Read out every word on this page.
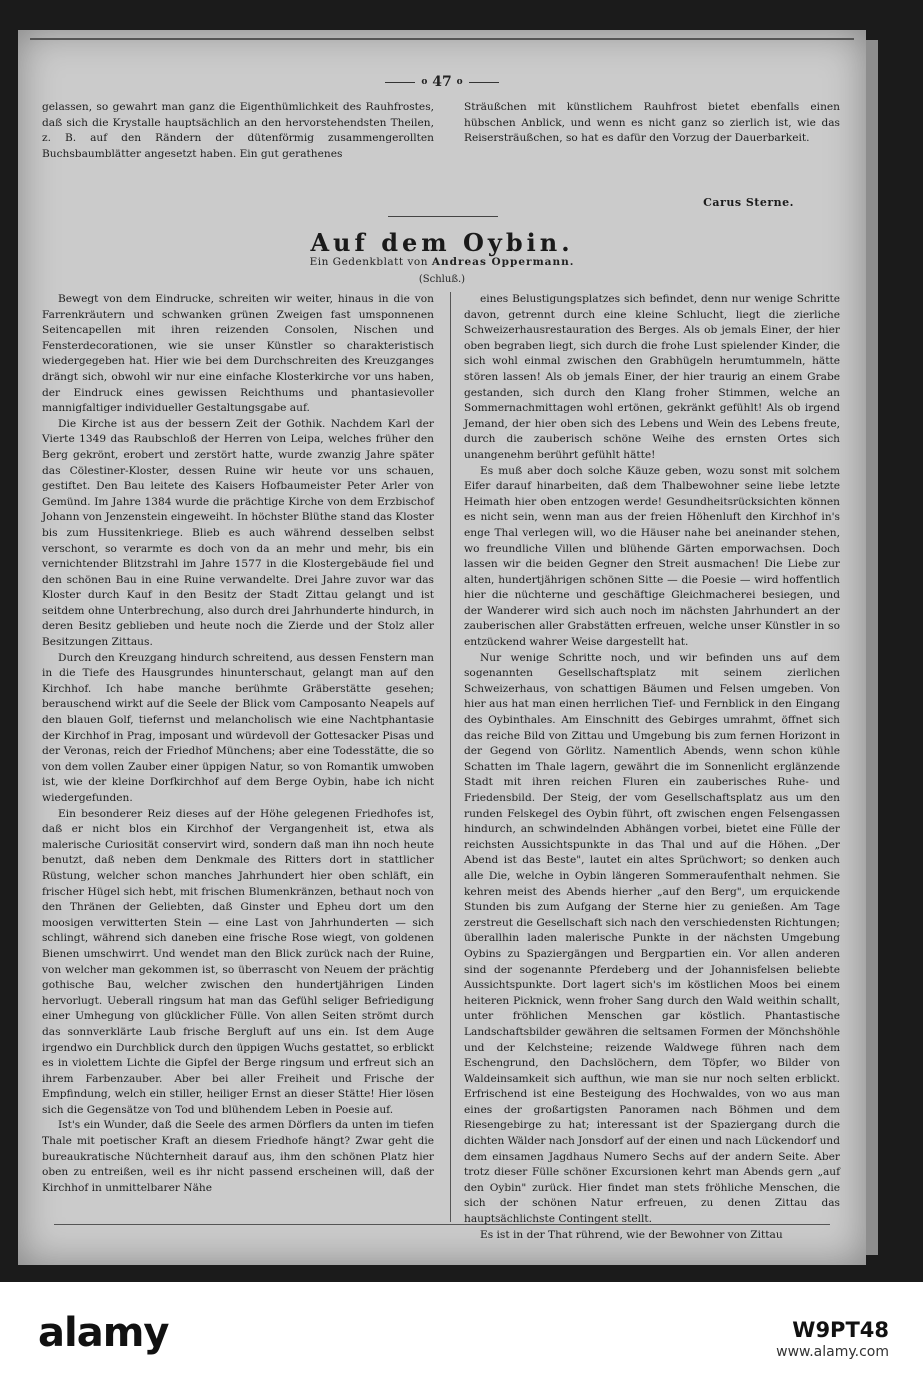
o 47 o

gelassen, so gewahrt man ganz die Eigenthümlichkeit des Rauhfrostes, daß sich die Krystalle hauptsächlich an den hervorstehendsten Theilen, z. B. auf den Rändern der dütenförmig zusammengerollten Buchsbaumblätter angesetzt haben. Ein gut gerathenes

Sträußchen mit künstlichem Rauhfrost bietet ebenfalls einen hübschen Anblick, und wenn es nicht ganz so zierlich ist, wie das Reisersträußchen, so hat es dafür den Vorzug der Dauerbarkeit.

Carus Sterne.
Auf dem Oybin.
Ein Gedenkblatt von Andreas Oppermann.
(Schluß.)

Bewegt von dem Eindrucke, schreiten wir weiter, hinaus in die von Farrenkräutern und schwanken grünen Zweigen fast umsponnenen Seitencapellen mit ihren reizenden Consolen, Nischen und Fensterdecorationen, wie sie unser Künstler so charakteristisch wiedergegeben hat. Hier wie bei dem Durchschreiten des Kreuzganges drängt sich, obwohl wir nur eine einfache Klosterkirche vor uns haben, der Eindruck eines gewissen Reichthums und phantasievoller mannigfaltiger individueller Gestaltungsgabe auf.

Die Kirche ist aus der bessern Zeit der Gothik. Nachdem Karl der Vierte 1349 das Raubschloß der Herren von Leipa, welches früher den Berg gekrönt, erobert und zerstört hatte, wurde zwanzig Jahre später das Cölestiner-Kloster, dessen Ruine wir heute vor uns schauen, gestiftet. Den Bau leitete des Kaisers Hofbaumeister Peter Arler von Gemünd. Im Jahre 1384 wurde die prächtige Kirche von dem Erzbischof Johann von Jenzenstein eingeweiht. In höchster Blüthe stand das Kloster bis zum Hussitenkriege. Blieb es auch während desselben selbst verschont, so verarmte es doch von da an mehr und mehr, bis ein vernichtender Blitzstrahl im Jahre 1577 in die Klostergebäude fiel und den schönen Bau in eine Ruine verwandelte. Drei Jahre zuvor war das Kloster durch Kauf in den Besitz der Stadt Zittau gelangt und ist seitdem ohne Unterbrechung, also durch drei Jahrhunderte hindurch, in deren Besitz geblieben und heute noch die Zierde und der Stolz aller Besitzungen Zittaus.

Durch den Kreuzgang hindurch schreitend, aus dessen Fenstern man in die Tiefe des Hausgrundes hinunterschaut, gelangt man auf den Kirchhof. Ich habe manche berühmte Gräberstätte gesehen; berauschend wirkt auf die Seele der Blick vom Camposanto Neapels auf den blauen Golf, tiefernst und melancholisch wie eine Nachtphantasie der Kirchhof in Prag, imposant und würdevoll der Gottesacker Pisas und der Veronas, reich der Friedhof Münchens; aber eine Todesstätte, die so von dem vollen Zauber einer üppigen Natur, so von Romantik umwoben ist, wie der kleine Dorfkirchhof auf dem Berge Oybin, habe ich nicht wiedergefunden.

Ein besonderer Reiz dieses auf der Höhe gelegenen Friedhofes ist, daß er nicht blos ein Kirchhof der Vergangenheit ist, etwa als malerische Curiosität conservirt wird, sondern daß man ihn noch heute benutzt, daß neben dem Denkmale des Ritters dort in stattlicher Rüstung, welcher schon manches Jahrhundert hier oben schläft, ein frischer Hügel sich hebt, mit frischen Blumenkränzen, bethaut noch von den Thränen der Geliebten, daß Ginster und Epheu dort um den moosigen verwitterten Stein — eine Last von Jahrhunderten — sich schlingt, während sich daneben eine frische Rose wiegt, von goldenen Bienen umschwirrt. Und wendet man den Blick zurück nach der Ruine, von welcher man gekommen ist, so überrascht von Neuem der prächtig gothische Bau, welcher zwischen den hundertjährigen Linden hervorlugt. Ueberall ringsum hat man das Gefühl seliger Befriedigung einer Umhegung von glücklicher Fülle. Von allen Seiten strömt durch das sonnverklärte Laub frische Bergluft auf uns ein. Ist dem Auge irgendwo ein Durchblick durch den üppigen Wuchs gestattet, so erblickt es in violettem Lichte die Gipfel der Berge ringsum und erfreut sich an ihrem Farbenzauber. Aber bei aller Freiheit und Frische der Empfindung, welch ein stiller, heiliger Ernst an dieser Stätte! Hier lösen sich die Gegensätze von Tod und blühendem Leben in Poesie auf.

Ist's ein Wunder, daß die Seele des armen Dörflers da unten im tiefen Thale mit poetischer Kraft an diesem Friedhofe hängt? Zwar geht die bureaukratische Nüchternheit darauf aus, ihm den schönen Platz hier oben zu entreißen, weil es ihr nicht passend erscheinen will, daß der Kirchhof in unmittelbarer Nähe

eines Belustigungsplatzes sich befindet, denn nur wenige Schritte davon, getrennt durch eine kleine Schlucht, liegt die zierliche Schweizerhausrestauration des Berges. Als ob jemals Einer, der hier oben begraben liegt, sich durch die frohe Lust spielender Kinder, die sich wohl einmal zwischen den Grabhügeln herumtummeln, hätte stören lassen! Als ob jemals Einer, der hier traurig an einem Grabe gestanden, sich durch den Klang froher Stimmen, welche an Sommernachmittagen wohl ertönen, gekränkt gefühlt! Als ob irgend Jemand, der hier oben sich des Lebens und Wein des Lebens freute, durch die zauberisch schöne Weihe des ernsten Ortes sich unangenehm berührt gefühlt hätte!

Es muß aber doch solche Käuze geben, wozu sonst mit solchem Eifer darauf hinarbeiten, daß dem Thalbewohner seine liebe letzte Heimath hier oben entzogen werde! Gesundheitsrücksichten können es nicht sein, wenn man aus der freien Höhenluft den Kirchhof in's enge Thal verlegen will, wo die Häuser nahe bei aneinander stehen, wo freundliche Villen und blühende Gärten emporwachsen. Doch lassen wir die beiden Gegner den Streit ausmachen! Die Liebe zur alten, hundertjährigen schönen Sitte — die Poesie — wird hoffentlich hier die nüchterne und geschäftige Gleichmacherei besiegen, und der Wanderer wird sich auch noch im nächsten Jahrhundert an der zauberischen aller Grabstätten erfreuen, welche unser Künstler in so entzückend wahrer Weise dargestellt hat.

Nur wenige Schritte noch, und wir befinden uns auf dem sogenannten Gesellschaftsplatz mit seinem zierlichen Schweizerhaus, von schattigen Bäumen und Felsen umgeben. Von hier aus hat man einen herrlichen Tief- und Fernblick in den Eingang des Oybinthales. Am Einschnitt des Gebirges umrahmt, öffnet sich das reiche Bild von Zittau und Umgebung bis zum fernen Horizont in der Gegend von Görlitz. Namentlich Abends, wenn schon kühle Schatten im Thale lagern, gewährt die im Sonnenlicht erglänzende Stadt mit ihren reichen Fluren ein zauberisches Ruhe- und Friedensbild. Der Steig, der vom Gesellschaftsplatz aus um den runden Felskegel des Oybin führt, oft zwischen engen Felsengassen hindurch, an schwindelnden Abhängen vorbei, bietet eine Fülle der reichsten Aussichtspunkte in das Thal und auf die Höhen. „Der Abend ist das Beste", lautet ein altes Sprüchwort; so denken auch alle Die, welche in Oybin längeren Sommeraufenthalt nehmen. Sie kehren meist des Abends hierher „auf den Berg", um erquickende Stunden bis zum Aufgang der Sterne hier zu genießen. Am Tage zerstreut die Gesellschaft sich nach den verschiedensten Richtungen; überallhin laden malerische Punkte in der nächsten Umgebung Oybins zu Spaziergängen und Bergpartien ein. Vor allen anderen sind der sogenannte Pferdeberg und der Johannisfelsen beliebte Aussichtspunkte. Dort lagert sich's im köstlichen Moos bei einem heiteren Picknick, wenn froher Sang durch den Wald weithin schallt, unter fröhlichen Menschen gar köstlich. Phantastische Landschaftsbilder gewähren die seltsamen Formen der Mönchshöhle und der Kelchsteine; reizende Waldwege führen nach dem Eschengrund, den Dachslöchern, dem Töpfer, wo Bilder von Waldeinsamkeit sich aufthun, wie man sie nur noch selten erblickt. Erfrischend ist eine Besteigung des Hochwaldes, von wo aus man eines der großartigsten Panoramen nach Böhmen und dem Riesengebirge zu hat; interessant ist der Spaziergang durch die dichten Wälder nach Jonsdorf auf der einen und nach Lückendorf und dem einsamen Jagdhaus Numero Sechs auf der andern Seite. Aber trotz dieser Fülle schöner Excursionen kehrt man Abends gern „auf den Oybin" zurück. Hier findet man stets fröhliche Menschen, die sich der schönen Natur erfreuen, zu denen Zittau das hauptsächlichste Contingent stellt.

Es ist in der That rührend, wie der Bewohner von Zittau

alamy	W9PT48
www.alamy.com
